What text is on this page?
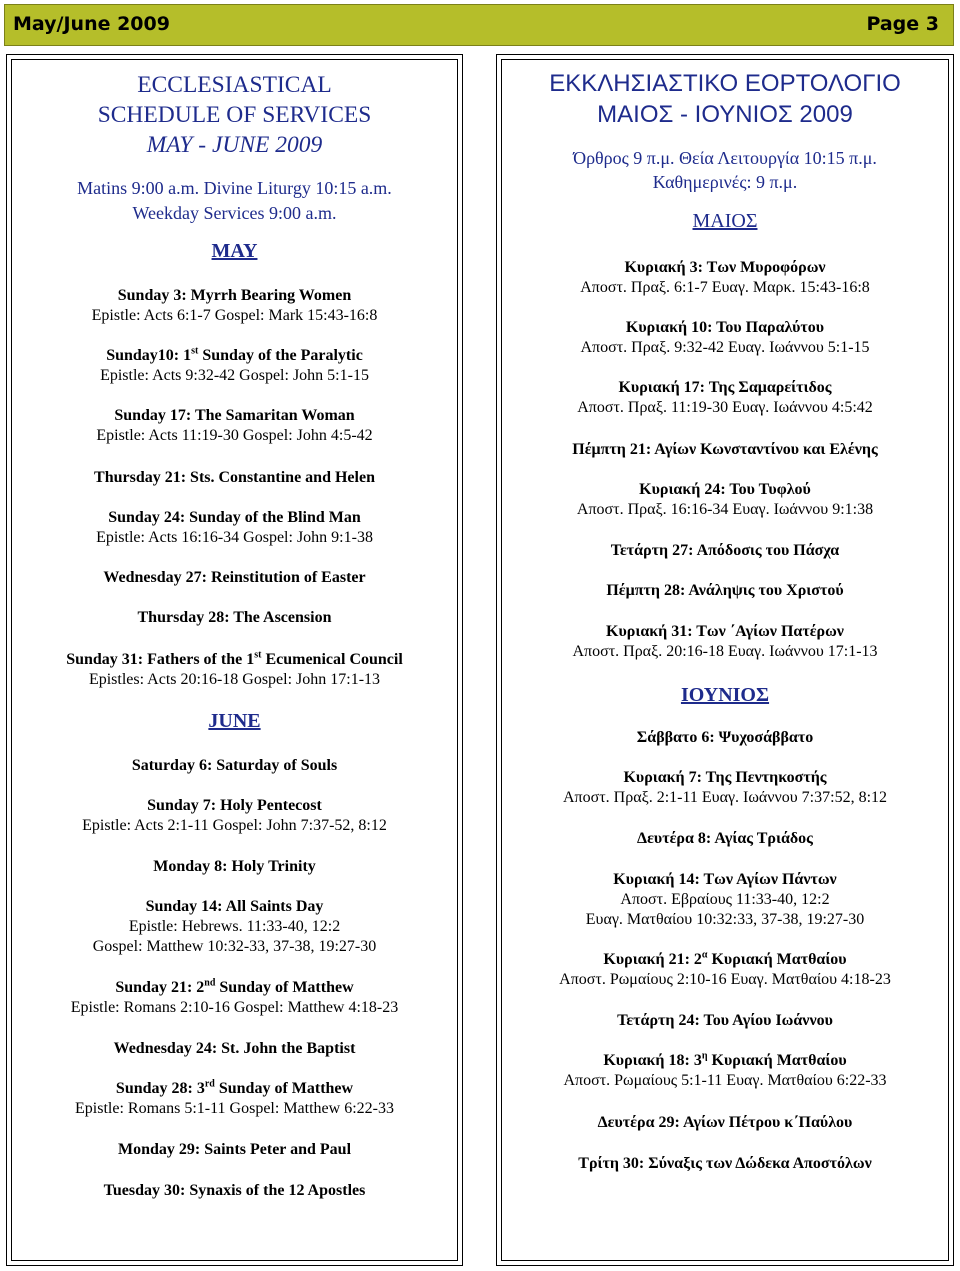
May/June 2009	Page 3
ECCLESIASTICAL
SCHEDULE OF SERVICES
MAY - JUNE 2009
Matins 9:00 a.m. Divine Liturgy 10:15 a.m.
Weekday Services 9:00 a.m.
MAY
Sunday 3: Myrrh Bearing Women
Epistle: Acts 6:1-7 Gospel: Mark 15:43-16:8
Sunday10: 1st Sunday of the Paralytic
Epistle: Acts 9:32-42 Gospel: John 5:1-15
Sunday 17: The Samaritan Woman
Epistle: Acts 11:19-30 Gospel: John 4:5-42
Thursday 21: Sts. Constantine and Helen
Sunday 24: Sunday of the Blind Man
Epistle: Acts 16:16-34 Gospel: John 9:1-38
Wednesday 27: Reinstitution of Easter
Thursday 28: The Ascension
Sunday 31: Fathers of the 1st Ecumenical Council
Epistles: Acts 20:16-18 Gospel: John 17:1-13
JUNE
Saturday 6: Saturday of Souls
Sunday 7: Holy Pentecost
Epistle: Acts 2:1-11 Gospel: John 7:37-52, 8:12
Monday 8: Holy Trinity
Sunday 14: All Saints Day
Epistle: Hebrews. 11:33-40, 12:2
Gospel: Matthew 10:32-33, 37-38, 19:27-30
Sunday 21: 2nd Sunday of Matthew
Epistle: Romans 2:10-16 Gospel: Matthew 4:18-23
Wednesday 24: St. John the Baptist
Sunday 28: 3rd Sunday of Matthew
Epistle: Romans 5:1-11 Gospel: Matthew 6:22-33
Monday 29: Saints Peter and Paul
Tuesday 30: Synaxis of the 12 Apostles
ΕΚΚΛΗΣΙΑΣΤΙΚΟ ΕΟΡΤΟΛΟΓΙΟ
ΜΑΙΟΣ - ΙΟΥΝΙΟΣ 2009
Όρθρος 9 π.μ. Θεία Λειτουργία 10:15 π.μ.
Καθημερινές: 9 π.μ.
ΜΑΙΟΣ
Κυριακή 3: Των Μυροφόρων
Αποστ. Πραξ. 6:1-7 Ευαγ. Μαρκ. 15:43-16:8
Κυριακή 10: Του Παραλύτου
Αποστ. Πραξ. 9:32-42 Ευαγ. Ιωάννου 5:1-15
Κυριακή 17: Της Σαμαρείτιδος
Αποστ. Πραξ. 11:19-30 Ευαγ. Ιωάννου 4:5:42
Πέμπτη 21: Αγίων Κωνσταντίνου και Ελένης
Κυριακή 24: Του Τυφλού
Αποστ. Πραξ. 16:16-34 Ευαγ. Ιωάννου 9:1:38
Τετάρτη 27: Απόδοσις του Πάσχα
Πέμπτη 28: Ανάληψις του Χριστού
Κυριακή 31: Των ΄Αγίων Πατέρων
Αποστ. Πραξ. 20:16-18 Ευαγ. Ιωάννου 17:1-13
ΙΟΥΝΙΟΣ
Σάββατο 6: Ψυχοσάββατο
Κυριακή 7: Της Πεντηκοστής
Αποστ. Πραξ. 2:1-11 Ευαγ. Ιωάννου 7:37:52, 8:12
Δευτέρα 8: Αγίας Τριάδος
Κυριακή 14: Των Αγίων Πάντων
Αποστ. Εβραίους 11:33-40, 12:2
Ευαγ. Ματθαίου 10:32:33, 37-38, 19:27-30
Κυριακή 21: $2^\alpha$ Κυριακή Ματθαίου
Αποστ. Ρωμαίους 2:10-16 Ευαγ. Ματθαίου 4:18-23
Τετάρτη 24: Του Αγίου Ιωάννου
Κυριακή 18: $3^\eta$ Κυριακή Ματθαίου
Αποστ. Ρωμαίους 5:1-11 Ευαγ. Ματθαίου 6:22-33
Δευτέρα 29: Αγίων Πέτρου κ΄Παύλου
Τρίτη 30: Σύναξις των Δώδεκα Αποστόλων
